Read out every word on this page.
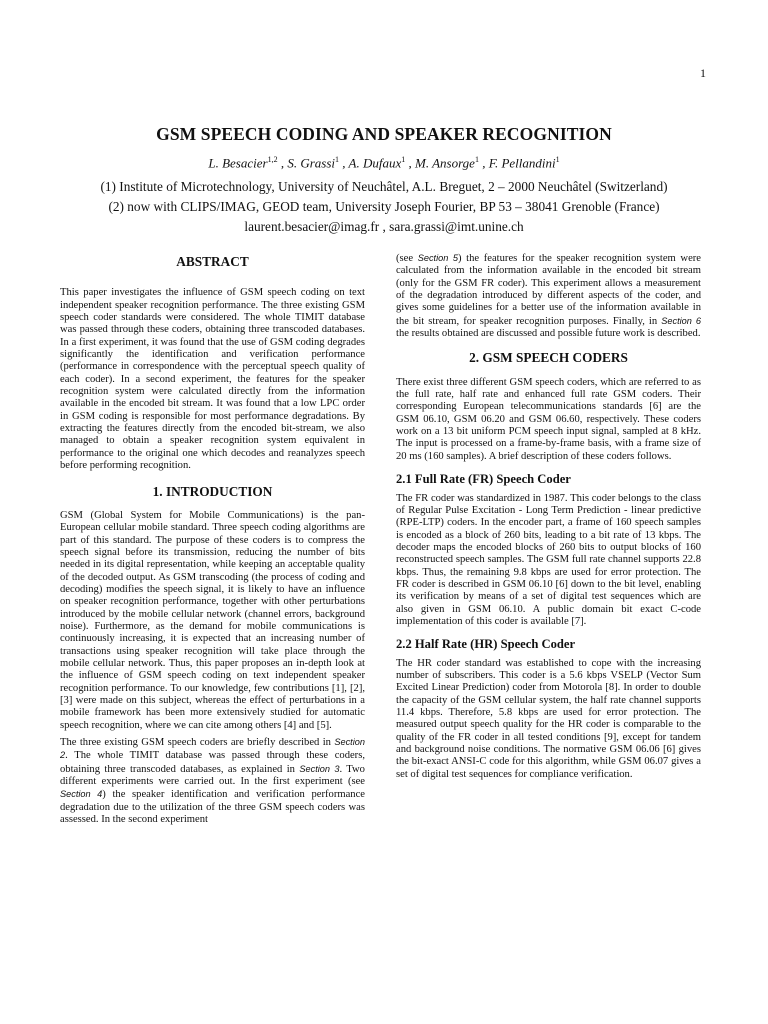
1
GSM SPEECH CODING AND SPEAKER RECOGNITION
L. Besacier$^{1,2}$ , S. Grassi$^1$ , A. Dufaux$^1$ , M. Ansorge$^1$ , F. Pellandini$^1$
(1) Institute of Microtechnology, University of Neuchâtel, A.L. Breguet, 2 – 2000 Neuchâtel (Switzerland)
(2) now with CLIPS/IMAG, GEOD team, University Joseph Fourier, BP 53 – 38041 Grenoble (France)
laurent.besacier@imag.fr , sara.grassi@imt.unine.ch
ABSTRACT

This paper investigates the influence of GSM speech coding on text independent speaker recognition performance. The three existing GSM speech coder standards were considered. The whole TIMIT database was passed through these coders, obtaining three transcoded databases. In a first experiment, it was found that the use of GSM coding degrades significantly the identification and verification performance (performance in correspondence with the perceptual speech quality of each coder). In a second experiment, the features for the speaker recognition system were calculated directly from the information available in the encoded bit stream. It was found that a low LPC order in GSM coding is responsible for most performance degradations. By extracting the features directly from the encoded bit-stream, we also managed to obtain a speaker recognition system equivalent in performance to the original one which decodes and reanalyzes speech before performing recognition.

1. INTRODUCTION

GSM (Global System for Mobile Communications) is the pan-European cellular mobile standard. Three speech coding algorithms are part of this standard. The purpose of these coders is to compress the speech signal before its transmission, reducing the number of bits needed in its digital representation, while keeping an acceptable quality of the decoded output. As GSM transcoding (the process of coding and decoding) modifies the speech signal, it is likely to have an influence on speaker recognition performance, together with other perturbations introduced by the mobile cellular network (channel errors, background noise). Furthermore, as the demand for mobile communications is continuously increasing, it is expected that an increasing number of transactions using speaker recognition will take place through the mobile cellular network. Thus, this paper proposes an in-depth look at the influence of GSM speech coding on text independent speaker recognition performance. To our knowledge, few contributions [1], [2], [3] were made on this subject, whereas the effect of perturbations in a mobile framework has been more extensively studied for automatic speech recognition, where we can cite among others [4] and [5].

The three existing GSM speech coders are briefly described in Section 2. The whole TIMIT database was passed through these coders, obtaining three transcoded databases, as explained in Section 3. Two different experiments were carried out. In the first experiment (see Section 4) the speaker identification and verification performance degradation due to the utilization of the three GSM speech coders was assessed. In the second experiment

(see Section 5) the features for the speaker recognition system were calculated from the information available in the encoded bit stream (only for the GSM FR coder). This experiment allows a measurement of the degradation introduced by different aspects of the coder, and gives some guidelines for a better use of the information available in the bit stream, for speaker recognition purposes. Finally, in Section 6 the results obtained are discussed and possible future work is described.

2. GSM SPEECH CODERS

There exist three different GSM speech coders, which are referred to as the full rate, half rate and enhanced full rate GSM coders. Their corresponding European telecommunications standards [6] are the GSM 06.10, GSM 06.20 and GSM 06.60, respectively. These coders work on a 13 bit uniform PCM speech input signal, sampled at 8 kHz. The input is processed on a frame-by-frame basis, with a frame size of 20 ms (160 samples). A brief description of these coders follows.

2.1 Full Rate (FR) Speech Coder

The FR coder was standardized in 1987. This coder belongs to the class of Regular Pulse Excitation - Long Term Prediction - linear predictive (RPE-LTP) coders. In the encoder part, a frame of 160 speech samples is encoded as a block of 260 bits, leading to a bit rate of 13 kbps. The decoder maps the encoded blocks of 260 bits to output blocks of 160 reconstructed speech samples. The GSM full rate channel supports 22.8 kbps. Thus, the remaining 9.8 kbps are used for error protection. The FR coder is described in GSM 06.10 [6] down to the bit level, enabling its verification by means of a set of digital test sequences which are also given in GSM 06.10. A public domain bit exact C-code implementation of this coder is available [7].

2.2 Half Rate (HR) Speech Coder

The HR coder standard was established to cope with the increasing number of subscribers. This coder is a 5.6 kbps VSELP (Vector Sum Excited Linear Prediction) coder from Motorola [8]. In order to double the capacity of the GSM cellular system, the half rate channel supports 11.4 kbps. Therefore, 5.8 kbps are used for error protection. The measured output speech quality for the HR coder is comparable to the quality of the FR coder in all tested conditions [9], except for tandem and background noise conditions. The normative GSM 06.06 [6] gives the bit-exact ANSI-C code for this algorithm, while GSM 06.07 gives a set of digital test sequences for compliance verification.
